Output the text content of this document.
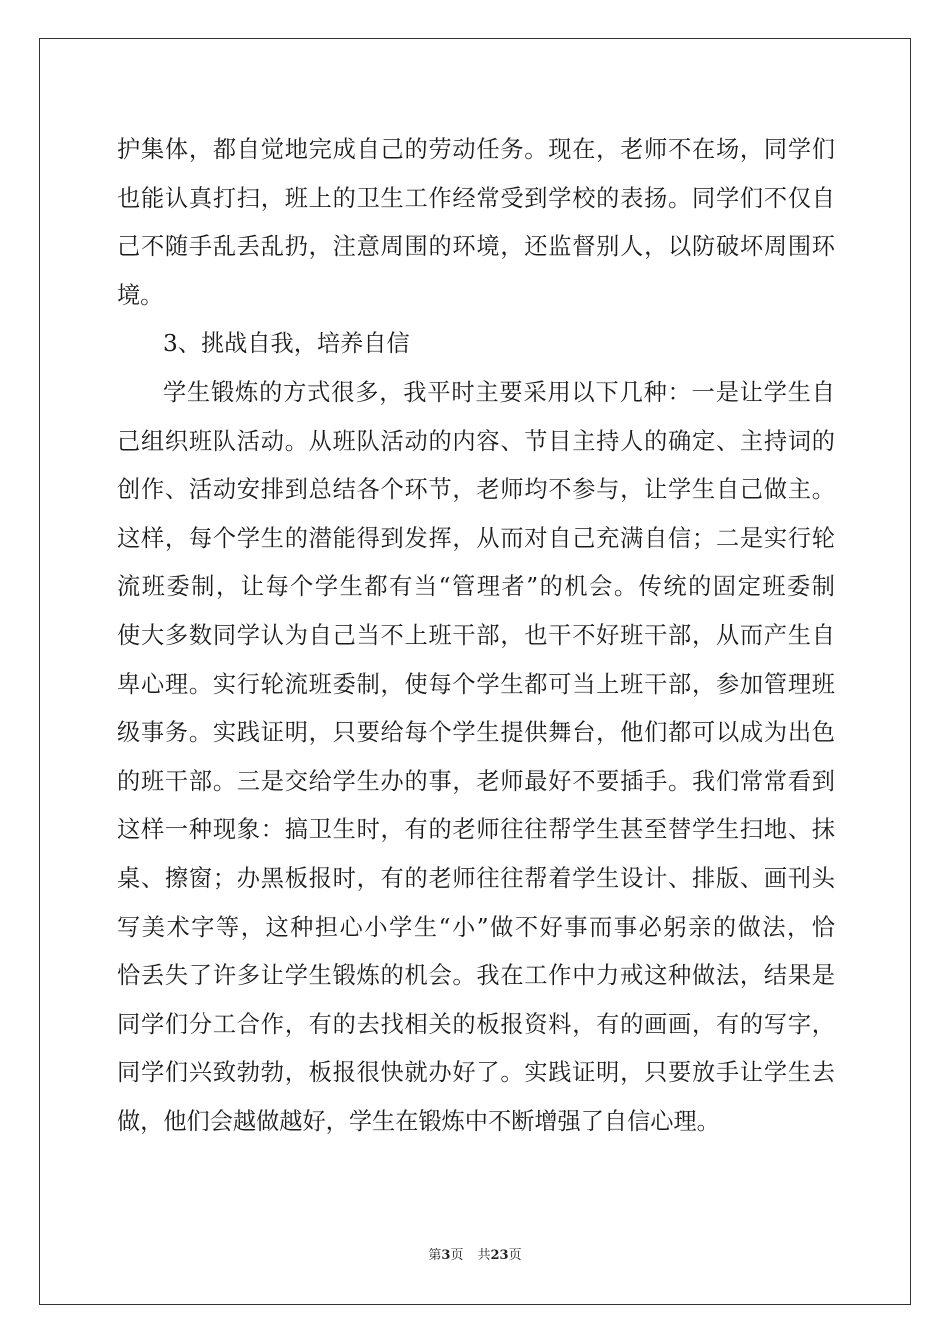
护集体，都自觉地完成自己的劳动任务。现在，老师不在场，同学们
也能认真打扫，班上的卫生工作经常受到学校的表扬。同学们不仅自
己不随手乱丢乱扔，注意周围的环境，还监督别人，以防破坏周围环
境。
3、挑战自我，培养自信
学生锻炼的方式很多，我平时主要采用以下几种：一是让学生自
己组织班队活动。从班队活动的内容、节目主持人的确定、主持词的
创作、活动安排到总结各个环节，老师均不参与，让学生自己做主。
这样，每个学生的潜能得到发挥，从而对自己充满自信；二是实行轮
流班委制，让每个学生都有当“管理者”的机会。传统的固定班委制
使大多数同学认为自己当不上班干部，也干不好班干部，从而产生自
卑心理。实行轮流班委制，使每个学生都可当上班干部，参加管理班
级事务。实践证明，只要给每个学生提供舞台，他们都可以成为出色
的班干部。三是交给学生办的事，老师最好不要插手。我们常常看到
这样一种现象：搞卫生时，有的老师往往帮学生甚至替学生扫地、抹
桌、擦窗；办黑板报时，有的老师往往帮着学生设计、排版、画刊头
写美术字等，这种担心小学生“小”做不好事而事必躬亲的做法，恰
恰丢失了许多让学生锻炼的机会。我在工作中力戒这种做法，结果是
同学们分工合作，有的去找相关的板报资料，有的画画，有的写字，
同学们兴致勃勃，板报很快就办好了。实践证明，只要放手让学生去
做，他们会越做越好，学生在锻炼中不断增强了自信心理。
第3页 共23页
